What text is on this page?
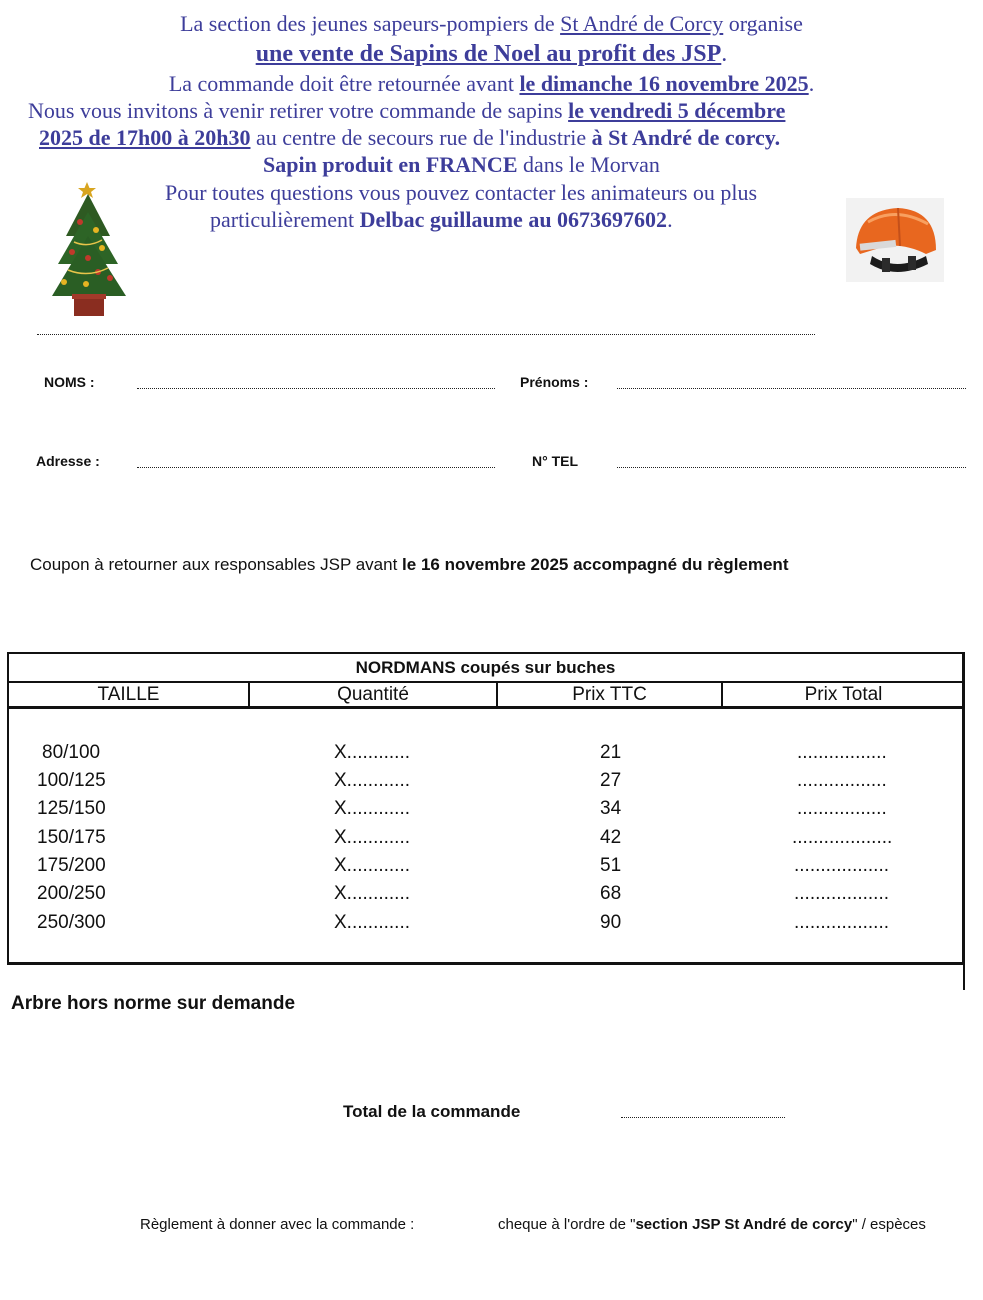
La section des jeunes sapeurs-pompiers de St André de Corcy organise
une vente de Sapins de Noel au profit des JSP.
La commande doit être retournée avant le dimanche 16 novembre 2025.
Nous vous invitons à venir retirer votre commande de sapins le vendredi 5 décembre
2025 de 17h00 à 20h30 au centre de secours rue de l'industrie à St André de corcy.
Sapin produit en FRANCE dans le Morvan
Pour toutes questions vous pouvez contacter les animateurs ou plus
particulièrement Delbac guillaume au 0673697602.
NOMS :	Prénoms :
Adresse :	N° TEL
Coupon à retourner aux responsables JSP avant le 16 novembre 2025 accompagné du règlement
NORDMANS coupés sur buches
TAILLE	Quantité	Prix TTC	Prix Total
80/100	X............	21	.................
100/125	X............	27	.................
125/150	X............	34	.................
150/175	X............	42	...................
175/200	X............	51	..................
200/250	X............	68	..................
250/300	X............	90	..................
Arbre hors norme sur demande
Total de la commande
Règlement à donner avec la commande :	cheque à l'ordre de "section JSP St André de corcy" / espèces
